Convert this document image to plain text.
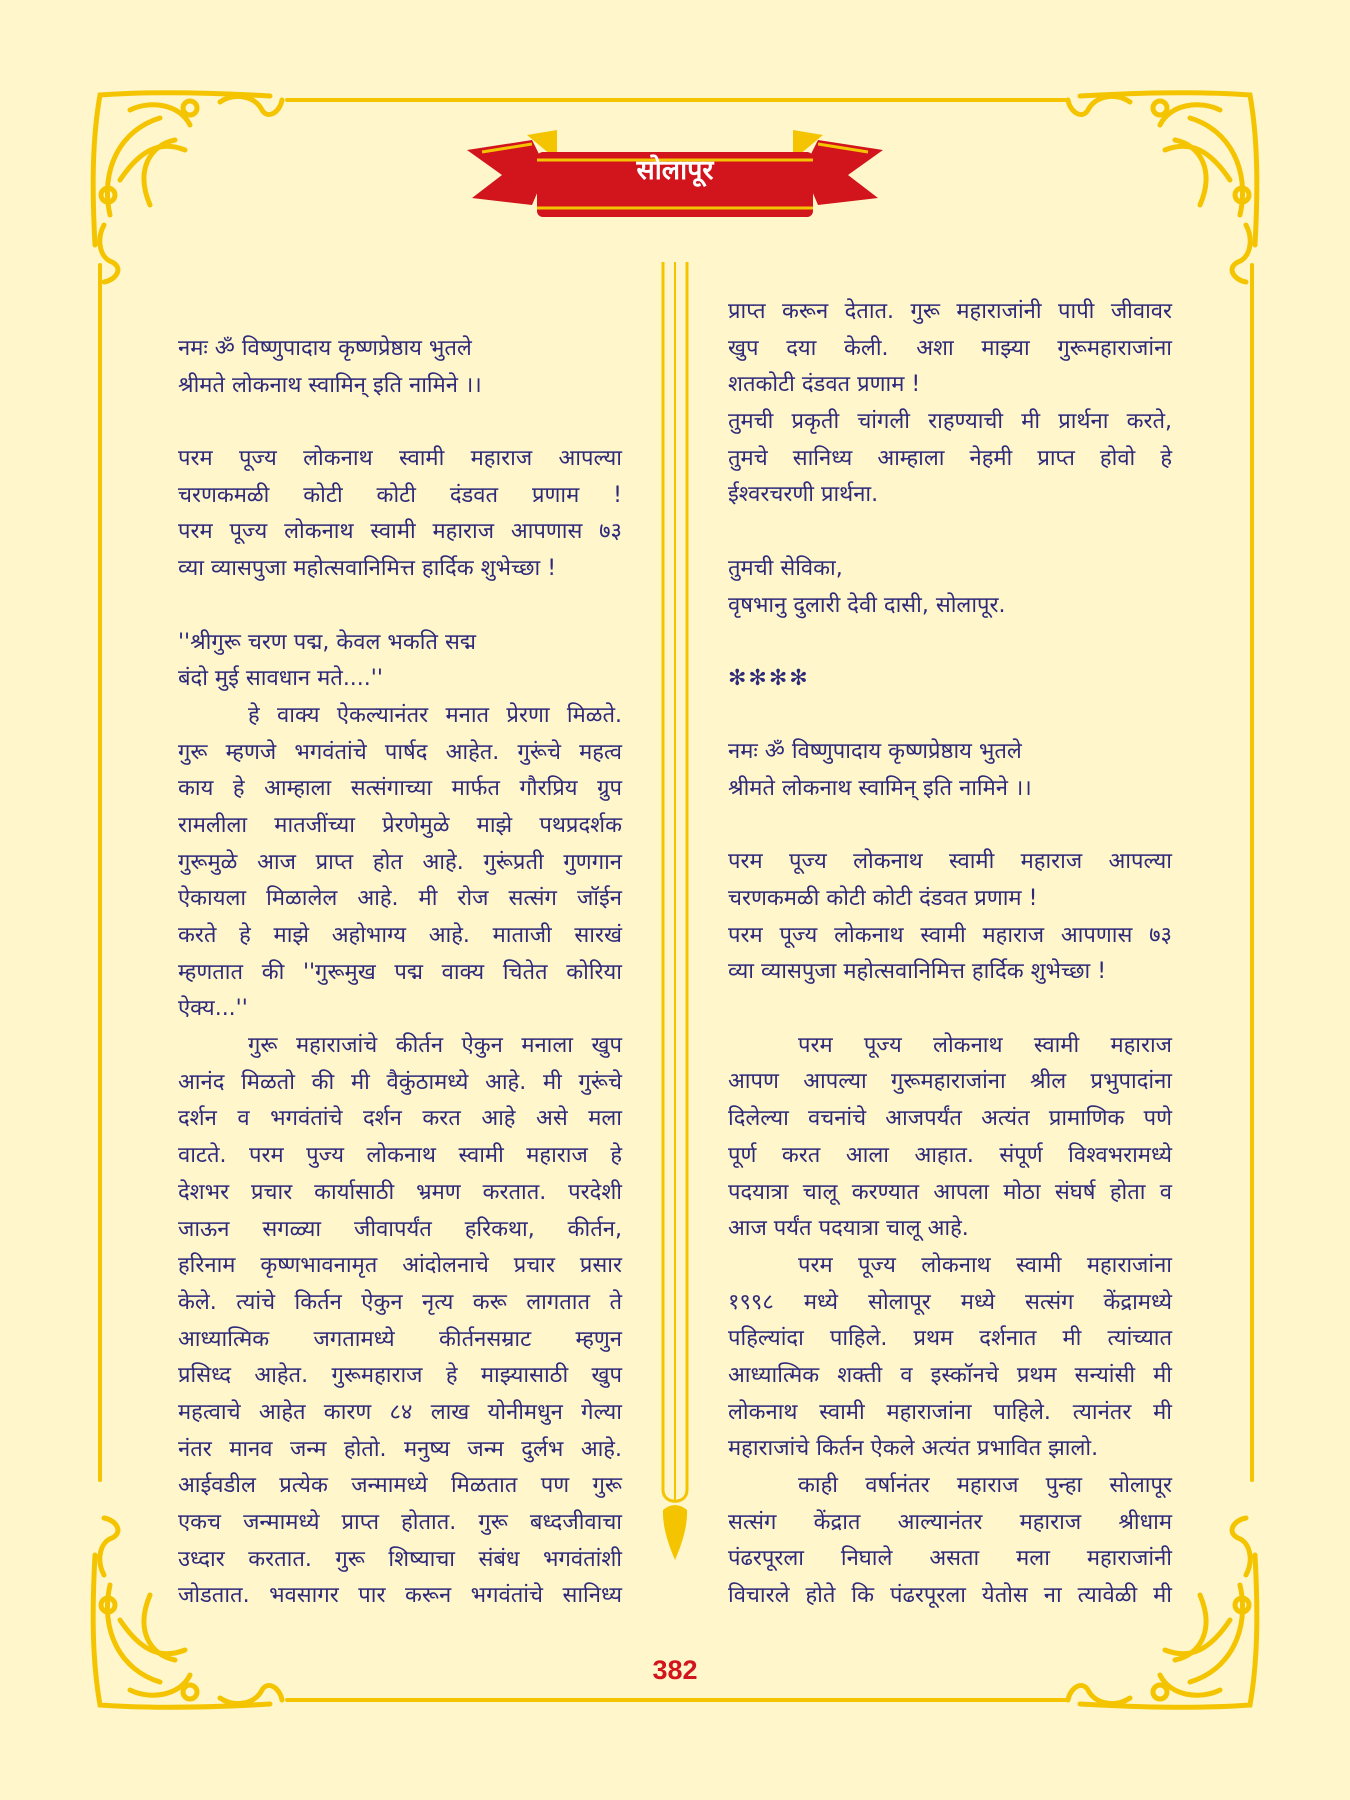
सोलापूर
नमः ॐ विष्णुपादाय कृष्णप्रेष्ठाय भुतले
श्रीमते लोकनाथ स्वामिन् इति नामिने ।।
परम पूज्य लोकनाथ स्वामी महाराज आपल्या
चरणकमळी कोटी कोटी दंडवत प्रणाम !
परम पूज्य लोकनाथ स्वामी महाराज आपणास ७३
व्या व्यासपुजा महोत्सवानिमित्त हार्दिक शुभेच्छा !
''श्रीगुरू चरण पद्म, केवल भकति सद्म
बंदो मुई सावधान मते....''
हे वाक्य ऐकल्यानंतर मनात प्रेरणा मिळते.
गुरू म्हणजे भगवंतांचे पार्षद आहेत. गुरूंचे महत्व
काय हे आम्हाला सत्संगाच्या मार्फत गौरप्रिय ग्रुप
रामलीला मातजींच्या प्रेरणेमुळे माझे पथप्रदर्शक
गुरूमुळे आज प्राप्त होत आहे. गुरूंप्रती गुणगान
ऐकायला मिळालेल आहे. मी रोज सत्संग जॉईन
करते हे माझे अहोभाग्य आहे. माताजी सारखं
म्हणतात की ''गुरूमुख पद्म वाक्य चितेत कोरिया
ऐक्य...''
गुरू महाराजांचे कीर्तन ऐकुन मनाला खुप
आनंद मिळतो की मी वैकुंठामध्ये आहे. मी गुरूंचे
दर्शन व भगवंतांचे दर्शन करत आहे असे मला
वाटते. परम पुज्य लोकनाथ स्वामी महाराज हे
देशभर प्रचार कार्यासाठी भ्रमण करतात. परदेशी
जाऊन सगळ्या जीवापर्यंत हरिकथा, कीर्तन,
हरिनाम कृष्णभावनामृत आंदोलनाचे प्रचार प्रसार
केले. त्यांचे किर्तन ऐकुन नृत्य करू लागतात ते
आध्यात्मिक जगतामध्ये कीर्तनसम्राट म्हणुन
प्रसिध्द आहेत. गुरूमहाराज हे माझ्यासाठी खुप
महत्वाचे आहेत कारण ८४ लाख योनीमधुन गेल्या
नंतर मानव जन्म होतो. मनुष्य जन्म दुर्लभ आहे.
आईवडील प्रत्येक जन्मामध्ये मिळतात पण गुरू
एकच जन्मामध्ये प्राप्त होतात. गुरू बध्दजीवाचा
उध्दार करतात. गुरू शिष्याचा संबंध भगवंतांशी
जोडतात. भवसागर पार करून भगवंतांचे सानिध्य
प्राप्त करून देतात. गुरू महाराजांनी पापी जीवावर
खुप दया केली. अशा माझ्या गुरूमहाराजांना
शतकोटी दंडवत प्रणाम !
तुमची प्रकृती चांगली राहण्याची मी प्रार्थना करते,
तुमचे सानिध्य आम्हाला नेहमी प्राप्त होवो हे
ईश्वरचरणी प्रार्थना.
तुमची सेविका,
वृषभानु दुलारी देवी दासी, सोलापूर.
✻✻✻✻
नमः ॐ विष्णुपादाय कृष्णप्रेष्ठाय भुतले
श्रीमते लोकनाथ स्वामिन् इति नामिने ।।
परम पूज्य लोकनाथ स्वामी महाराज आपल्या
चरणकमळी कोटी कोटी दंडवत प्रणाम !
परम पूज्य लोकनाथ स्वामी महाराज आपणास ७३
व्या व्यासपुजा महोत्सवानिमित्त हार्दिक शुभेच्छा !
परम पूज्य लोकनाथ स्वामी महाराज
आपण आपल्या गुरूमहाराजांना श्रील प्रभुपादांना
दिलेल्या वचनांचे आजपर्यंत अत्यंत प्रामाणिक पणे
पूर्ण करत आला आहात. संपूर्ण विश्वभरामध्ये
पदयात्रा चालू करण्यात आपला मोठा संघर्ष होता व
आज पर्यंत पदयात्रा चालू आहे.
परम पूज्य लोकनाथ स्वामी महाराजांना
१९९८ मध्ये सोलापूर मध्ये सत्संग केंद्रामध्ये
पहिल्यांदा पाहिले. प्रथम दर्शनात मी त्यांच्यात
आध्यात्मिक शक्ती व इस्कॉनचे प्रथम सन्यांसी मी
लोकनाथ स्वामी महाराजांना पाहिले. त्यानंतर मी
महाराजांचे किर्तन ऐकले अत्यंत प्रभावित झालो.
काही वर्षानंतर महाराज पुन्हा सोलापूर
सत्संग केंद्रात आल्यानंतर महाराज श्रीधाम
पंढरपूरला निघाले असता मला महाराजांनी
विचारले होते कि पंढरपूरला येतोस ना त्यावेळी मी
382
